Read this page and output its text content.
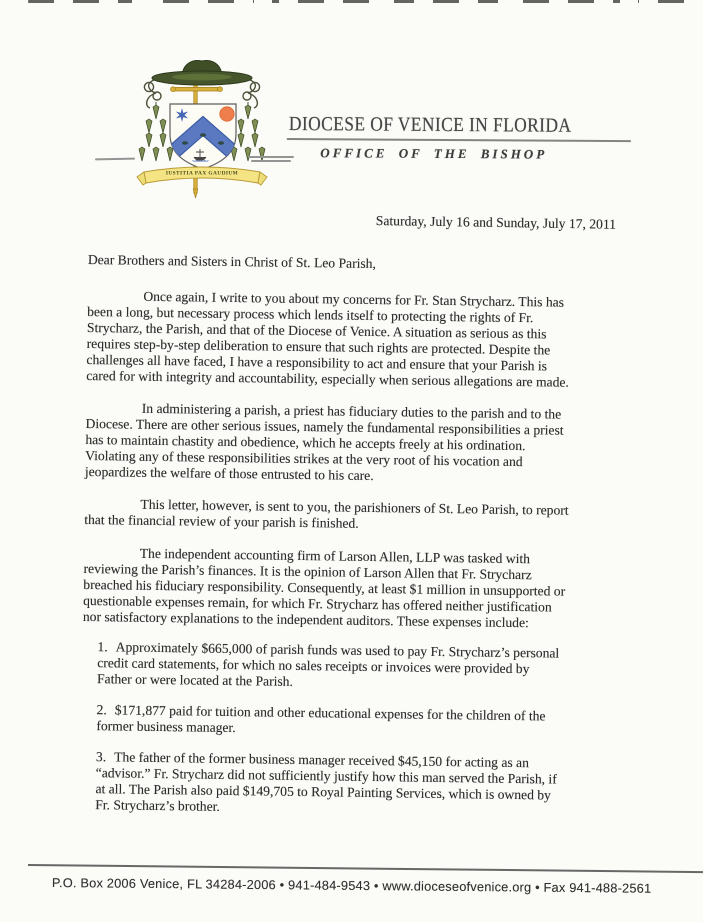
IUSTITIA PAX GAUDIUM
DIOCESE OF VENICE IN FLORIDA
OFFICE OF THE BISHOP
Saturday, July 16 and Sunday, July 17, 2011

Dear Brothers and Sisters in Christ of St. Leo Parish,

Once again, I write to you about my concerns for Fr. Stan Strycharz. This has
been a long, but necessary process which lends itself to protecting the rights of Fr.
Strycharz, the Parish, and that of the Diocese of Venice. A situation as serious as this
requires step-by-step deliberation to ensure that such rights are protected. Despite the
challenges all have faced, I have a responsibility to act and ensure that your Parish is
cared for with integrity and accountability, especially when serious allegations are made.

In administering a parish, a priest has fiduciary duties to the parish and to the
Diocese. There are other serious issues, namely the fundamental responsibilities a priest
has to maintain chastity and obedience, which he accepts freely at his ordination.
Violating any of these responsibilities strikes at the very root of his vocation and
jeopardizes the welfare of those entrusted to his care.

This letter, however, is sent to you, the parishioners of St. Leo Parish, to report
that the financial review of your parish is finished.

The independent accounting firm of Larson Allen, LLP was tasked with
reviewing the Parish’s finances. It is the opinion of Larson Allen that Fr. Strycharz
breached his fiduciary responsibility. Consequently, at least $1 million in unsupported or
questionable expenses remain, for which Fr. Strycharz has offered neither justification
nor satisfactory explanations to the independent auditors. These expenses include:

1. Approximately $665,000 of parish funds was used to pay Fr. Strycharz’s personal
credit card statements, for which no sales receipts or invoices were provided by
Father or were located at the Parish.
2. $171,877 paid for tuition and other educational expenses for the children of the
former business manager.
3. The father of the former business manager received $45,150 for acting as an
“advisor.” Fr. Strycharz did not sufficiently justify how this man served the Parish, if
at all. The Parish also paid $149,705 to Royal Painting Services, which is owned by
Fr. Strycharz’s brother.
P.O. Box 2006 Venice, FL 34284-2006 • 941-484-9543 • www.dioceseofvenice.org • Fax 941-488-2561
